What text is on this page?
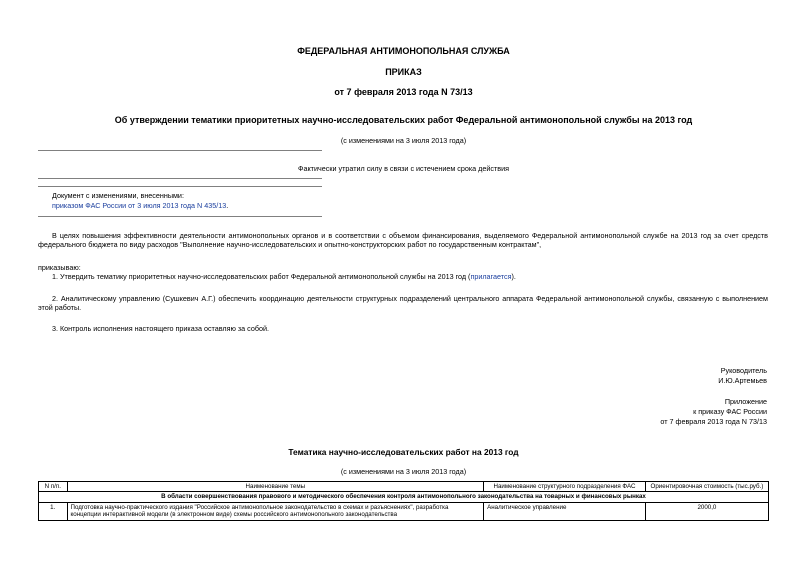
ФЕДЕРАЛЬНАЯ АНТИМОНОПОЛЬНАЯ СЛУЖБА
ПРИКАЗ
от 7 февраля 2013 года N 73/13
Об утверждении тематики приоритетных научно-исследовательских работ Федеральной антимонопольной службы на 2013 год
(с изменениями на 3 июля 2013 года)
Фактически утратил силу в связи с истечением срока действия
Документ с изменениями, внесенными:
приказом ФАС России от 3 июля 2013 года N 435/13.
В целях повышения эффективности деятельности антимонопольных органов и в соответствии с объемом финансирования, выделяемого Федеральной антимонопольной службе на 2013 год за счет средств федерального бюджета по виду расходов "Выполнение научно-исследовательских и опытно-конструкторских работ по государственным контрактам",
приказываю:
1. Утвердить тематику приоритетных научно-исследовательских работ Федеральной антимонопольной службы на 2013 год (прилагается).
2. Аналитическому управлению (Сушкевич А.Г.) обеспечить координацию деятельности структурных подразделений центрального аппарата Федеральной антимонопольной службы, связанную с выполнением этой работы.
3. Контроль исполнения настоящего приказа оставляю за собой.
Руководитель
И.Ю.Артемьев
Приложение
к приказу ФАС России
от 7 февраля 2013 года N 73/13
Тематика научно-исследовательских работ на 2013 год
(с изменениями на 3 июля 2013 года)
N п/п.	Наименование темы	Наименование структурного подразделения ФАС	Ориентировочная стоимость (тыс.руб.)
В области совершенствования правового и методического обеспечения контроля антимонопольного законодательства на товарных и финансовых рынках			
1.	Подготовка научно-практического издания "Российское антимонопольное законодательство в схемах и разъяснениях", разработка концепции интерактивной модели (в электронном виде) схемы российского антимонопольного законодательства	Аналитическое управление	2000,0
